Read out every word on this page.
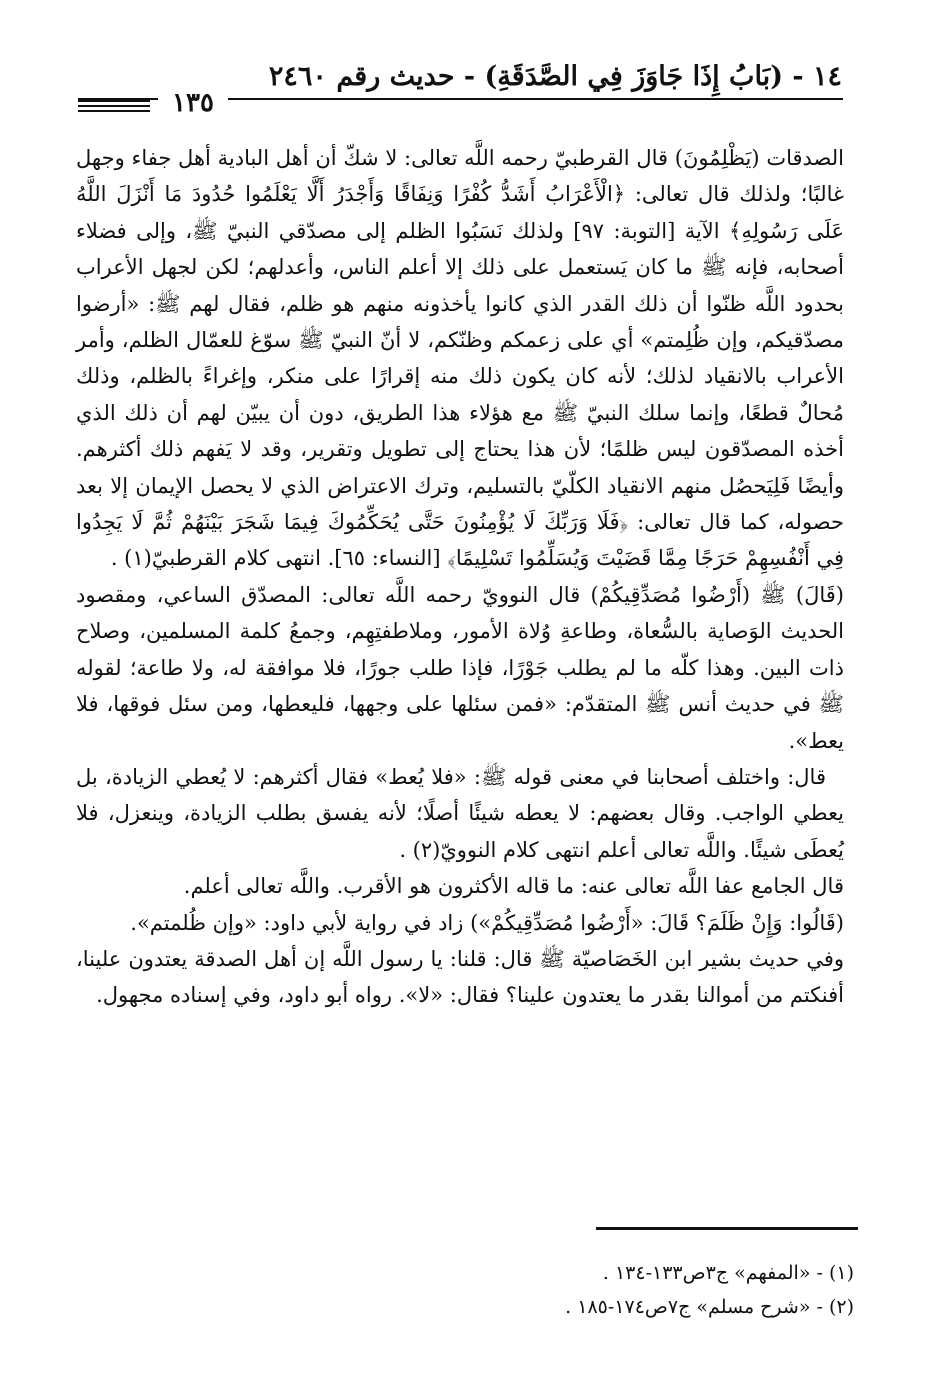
١٤ - (بَابُ إِذَا جَاوَزَ فِي الصَّدَقَةِ) - حديث رقم ٢٤٦٠
١٣٥

الصدقات (يَظْلِمُونَ) قال القرطبيّ رحمه اللَّه تعالى: لا شكّ أن أهل البادية أهل جفاء وجهل غالبًا؛ ولذلك قال تعالى: ﴿الْأَعْرَابُ أَشَدُّ كُفْرًا وَنِفَاقًا وَأَجْدَرُ أَلَّا يَعْلَمُوا حُدُودَ مَا أَنْزَلَ اللَّهُ عَلَى رَسُولِهِ﴾ الآية [التوبة: ٩٧] ولذلك نَسَبُوا الظلم إلى مصدّقي النبيّ ﷺ، وإلى فضلاء أصحابه، فإنه ﷺ ما كان يَستعمل على ذلك إلا أعلم الناس، وأعدلهم؛ لكن لجهل الأعراب بحدود اللَّه ظنّوا أن ذلك القدر الذي كانوا يأخذونه منهم هو ظلم، فقال لهم ﷺ: «أرضوا مصدّقيكم، وإن ظُلِمتم» أي على زعمكم وظنّكم، لا أنّ النبيّ ﷺ سوّغ للعمّال الظلم، وأمر الأعراب بالانقياد لذلك؛ لأنه كان يكون ذلك منه إقرارًا على منكر، وإغراءً بالظلم، وذلك مُحالٌ قطعًا، وإنما سلك النبيّ ﷺ مع هؤلاء هذا الطريق، دون أن يبيّن لهم أن ذلك الذي أخذه المصدّقون ليس ظلمًا؛ لأن هذا يحتاج إلى تطويل وتقرير، وقد لا يَفهم ذلك أكثرهم. وأيضًا فَلِيَحصُل منهم الانقياد الكلّيّ بالتسليم، وترك الاعتراض الذي لا يحصل الإيمان إلا بعد حصوله، كما قال تعالى: ﴿فَلَا وَرَبِّكَ لَا يُؤْمِنُونَ حَتَّى يُحَكِّمُوكَ فِيمَا شَجَرَ بَيْنَهُمْ ثُمَّ لَا يَجِدُوا فِي أَنْفُسِهِمْ حَرَجًا مِمَّا قَضَيْتَ وَيُسَلِّمُوا تَسْلِيمًا﴾ [النساء: ٦٥]. انتهى كلام القرطبيّ(١) .

(قَالَ) ﷺ (أَرْضُوا مُصَدِّقِيكُمْ) قال النوويّ رحمه اللَّه تعالى: المصدّق الساعي، ومقصود الحديث الوَصاية بالسُّعاة، وطاعةِ وُلاة الأمور، وملاطفتِهِم، وجمعُ كلمة المسلمين، وصلاح ذات البين. وهذا كلّه ما لم يطلب جَوْرًا، فإذا طلب جورًا، فلا موافقة له، ولا طاعة؛ لقوله ﷺ في حديث أنس ﷺ المتقدّم: «فمن سئلها على وجهها، فليعطها، ومن سئل فوقها، فلا يعط».

قال: واختلف أصحابنا في معنى قوله ﷺ: «فلا يُعط» فقال أكثرهم: لا يُعطي الزيادة، بل يعطي الواجب. وقال بعضهم: لا يعطه شيئًا أصلًا؛ لأنه يفسق بطلب الزيادة، وينعزل، فلا يُعطَى شيئًا. واللَّه تعالى أعلم انتهى كلام النوويّ(٢) .

قال الجامع عفا اللَّه تعالى عنه: ما قاله الأكثرون هو الأقرب. واللَّه تعالى أعلم.

(قَالُوا: وَإِنْ ظَلَمَ؟ قَالَ: «أَرْضُوا مُصَدِّقِيكُمْ») زاد في رواية لأبي داود: «وإن ظُلمتم».

وفي حديث بشير ابن الخَصَاصيّة ﷺ قال: قلنا: يا رسول اللَّه إن أهل الصدقة يعتدون علينا، أفنكتم من أموالنا بقدر ما يعتدون علينا؟ فقال: «لا». رواه أبو داود، وفي إسناده مجهول.

(١) - «المفهم» ج٣ص١٣٣-١٣٤ .
(٢) - «شرح مسلم» ج٧ص١٧٤-١٨٥ .
